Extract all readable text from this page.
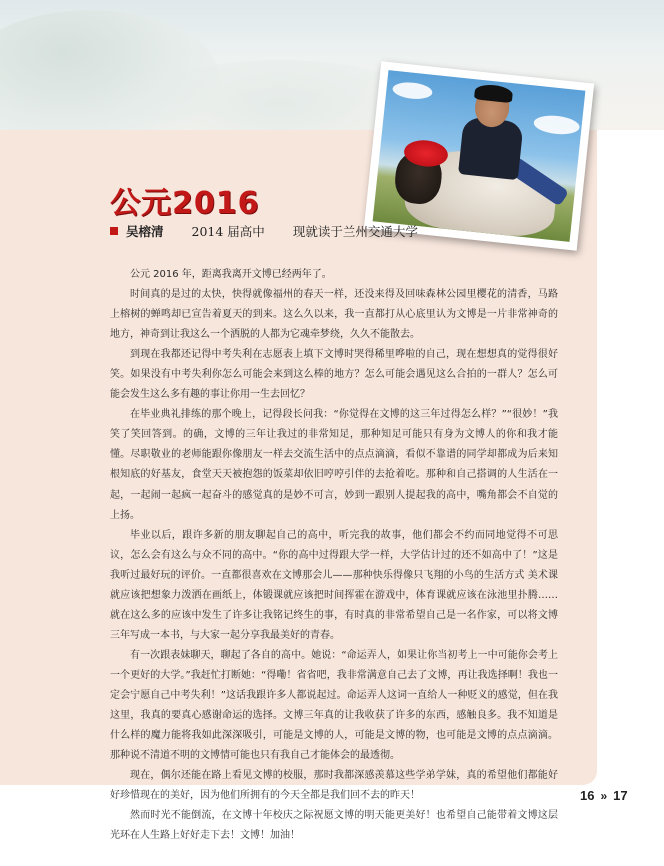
公元2016
吴榕清 2014 届高中 现就读于兰州交通大学

公元 2016 年，距离我离开文博已经两年了。

时间真的是过的太快，快得就像福州的春天一样，还没来得及回味森林公园里樱花的清香，马路上榕树的蝉鸣却已宣告着夏天的到来。这么久以来，我一直都打从心底里认为文博是一片非常神奇的地方，神奇到让我这么一个洒脱的人都为它魂牵梦绕，久久不能散去。

到现在我都还记得中考失利在志愿表上填下文博时哭得稀里哗啦的自己，现在想想真的觉得很好笑。如果没有中考失利你怎么可能会来到这么棒的地方？怎么可能会遇见这么合拍的一群人？怎么可能会发生这么多有趣的事让你用一生去回忆？

在毕业典礼排练的那个晚上，记得段长问我：“你觉得在文博的这三年过得怎么样？”“很妙！”我笑了笑回答到。的确，文博的三年让我过的非常知足，那种知足可能只有身为文博人的你和我才能懂。尽职敬业的老师能跟你像朋友一样去交流生活中的点点滴滴，看似不靠谱的同学却都成为后来知根知底的好基友，食堂天天被抱怨的饭菜却依旧哼哼引伴的去抢着吃。那种和自己搭调的人生活在一起，一起闹一起疯一起奋斗的感觉真的是妙不可言，妙到一跟别人提起我的高中，嘴角都会不自觉的上扬。

毕业以后，跟许多新的朋友聊起自己的高中，听完我的故事，他们都会不约而同地觉得不可思议，怎么会有这么与众不同的高中。“你的高中过得跟大学一样，大学估计过的还不如高中了！”这是我听过最好玩的评价。一直都很喜欢在文博那会儿——那种快乐得像只飞翔的小鸟的生活方式 美术课就应该把想象力泼洒在画纸上，体锻课就应该把时间挥霍在游戏中，体育课就应该在泳池里扑腾……就在这么多的应该中发生了许多让我铭记终生的事，有时真的非常希望自己是一名作家，可以将文博三年写成一本书，与大家一起分享我最美好的青春。

有一次跟表妹聊天，聊起了各自的高中。她说：“命运弄人，如果让你当初考上一中可能你会考上一个更好的大学。”我赶忙打断她：“得嘞！省省吧，我非常满意自己去了文博，再让我选择啊！我也一定会宁愿自己中考失利！”这话我跟许多人都说起过。命运弄人这词一直给人一种贬义的感觉，但在我这里，我真的要真心感谢命运的选择。文博三年真的让我收获了许多的东西，感触良多。我不知道是什么样的魔力能将我如此深深吸引，可能是文博的人，可能是文博的物，也可能是文博的点点滴滴。那种说不清道不明的文博情可能也只有我自己才能体会的最透彻。

现在，偶尔还能在路上看见文博的校服，那时我都深感羡慕这些学弟学妹，真的希望他们都能好好珍惜现在的美好，因为他们所拥有的今天全都是我们回不去的昨天！

然而时光不能倒流，在文博十年校庆之际祝愿文博的明天能更美好！也希望自己能带着文博这层光环在人生路上好好走下去！文博！加油！

16 » 17
